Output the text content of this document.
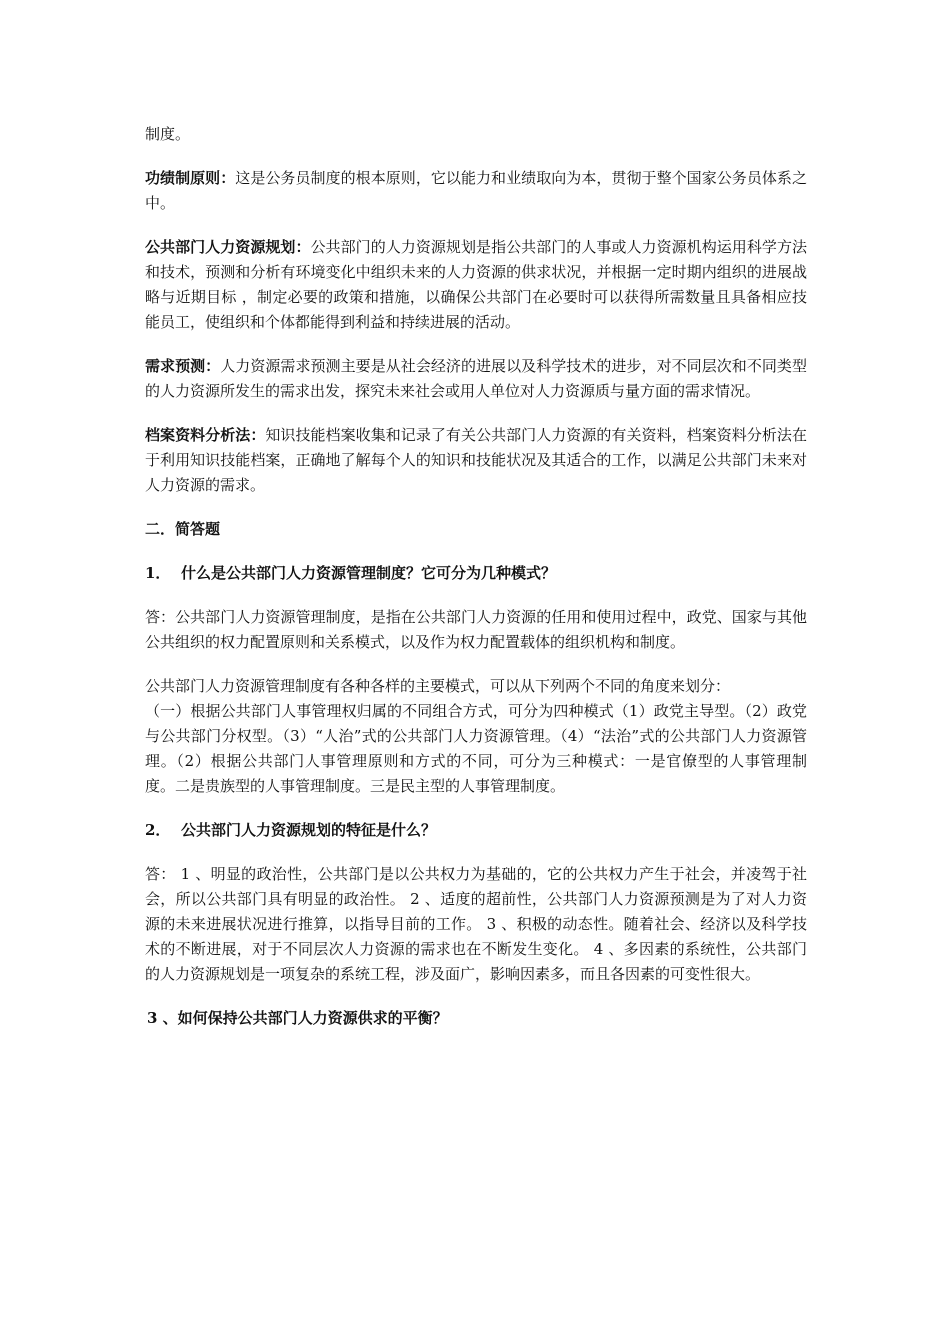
制度。

功绩制原则：这是公务员制度的根本原则，它以能力和业绩取向为本，贯彻于整个国家公务员体系之中。

公共部门人力资源规划：公共部门的人力资源规划是指公共部门的人事或人力资源机构运用科学方法和技术，预测和分析有环境变化中组织未来的人力资源的供求状况，并根据一定时期内组织的进展战略与近期目标 ，制定必要的政策和措施，以确保公共部门在必要时可以获得所需数量且具备相应技能员工，使组织和个体都能得到利益和持续进展的活动。

需求预测：人力资源需求预测主要是从社会经济的进展以及科学技术的进步，对不同层次和不同类型的人力资源所发生的需求出发，探究未来社会或用人单位对人力资源质与量方面的需求情况。

档案资料分析法：知识技能档案收集和记录了有关公共部门人力资源的有关资料，档案资料分析法在于利用知识技能档案，正确地了解每个人的知识和技能状况及其适合的工作，以满足公共部门未来对人力资源的需求。

二．简答题

1． 什么是公共部门人力资源管理制度？它可分为几种模式？

答：公共部门人力资源管理制度，是指在公共部门人力资源的任用和使用过程中，政党、国家与其他公共组织的权力配置原则和关系模式，以及作为权力配置载体的组织机构和制度。

公共部门人力资源管理制度有各种各样的主要模式，可以从下列两个不同的角度来划分：

（一）根据公共部门人事管理权归属的不同组合方式，可分为四种模式（1）政党主导型。（2）政党与公共部门分权型。（3）“人治”式的公共部门人力资源管理。（4）“法治”式的公共部门人力资源管理。（2）根据公共部门人事管理原则和方式的不同，可分为三种模式：一是官僚型的人事管理制度。二是贵族型的人事管理制度。三是民主型的人事管理制度。

2． 公共部门人力资源规划的特征是什么？

答： 1 、明显的政治性，公共部门是以公共权力为基础的，它的公共权力产生于社会，并凌驾于社会，所以公共部门具有明显的政治性。 2 、适度的超前性，公共部门人力资源预测是为了对人力资源的未来进展状况进行推算，以指导目前的工作。 3 、积极的动态性。随着社会、经济以及科学技术的不断进展，对于不同层次人力资源的需求也在不断发生变化。 4 、多因素的系统性，公共部门的人力资源规划是一项复杂的系统工程，涉及面广，影响因素多，而且各因素的可变性很大。

3 、如何保持公共部门人力资源供求的平衡？
